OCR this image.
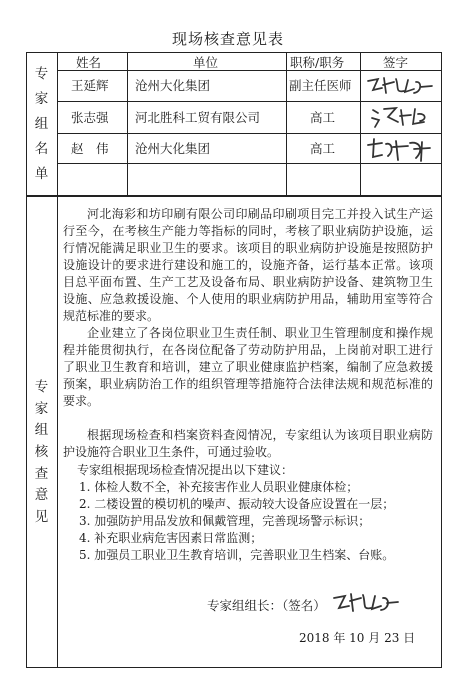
现场核查意见表
专
家
组
名
单
专
家
组
核
查
意
见
姓名	单位	职称/职务	签字
王延辉 沧州大化集团	副主任医师
张志强 河北胜科工贸有限公司	高工
赵　伟 沧州大化集团	高工
河北海彩和坊印刷有限公司印刷品印刷项目完工并投入试生产运行至今，在考核生产能力等指标的同时，考核了职业病防护设施，运行情况能满足职业卫生的要求。该项目的职业病防护设施是按照防护设施设计的要求进行建设和施工的，设施齐备，运行基本正常。该项目总平面布置、生产工艺及设备布局、职业病防护设备、建筑物卫生设施、应急救援设施、个人使用的职业病防护用品，辅助用室等符合规范标准的要求。
企业建立了各岗位职业卫生责任制、职业卫生管理制度和操作规程并能贯彻执行，在各岗位配备了劳动防护用品，上岗前对职工进行了职业卫生教育和培训，建立了职业健康监护档案，编制了应急救援预案，职业病防治工作的组织管理等措施符合法律法规和规范标准的要求。
根据现场检查和档案资料查阅情况，专家组认为该项目职业病防护设施符合职业卫生条件，可通过验收。
专家组根据现场检查情况提出以下建议：
1. 体检人数不全，补充接害作业人员职业健康体检；
2. 二楼设置的模切机的噪声、振动较大设备应设置在一层；
3. 加强防护用品发放和佩戴管理，完善现场警示标识；
4. 补充职业病危害因素日常监测；
5. 加强员工职业卫生教育培训，完善职业卫生档案、台账。
专家组组长：（签名）
2018 年 10 月 23 日
